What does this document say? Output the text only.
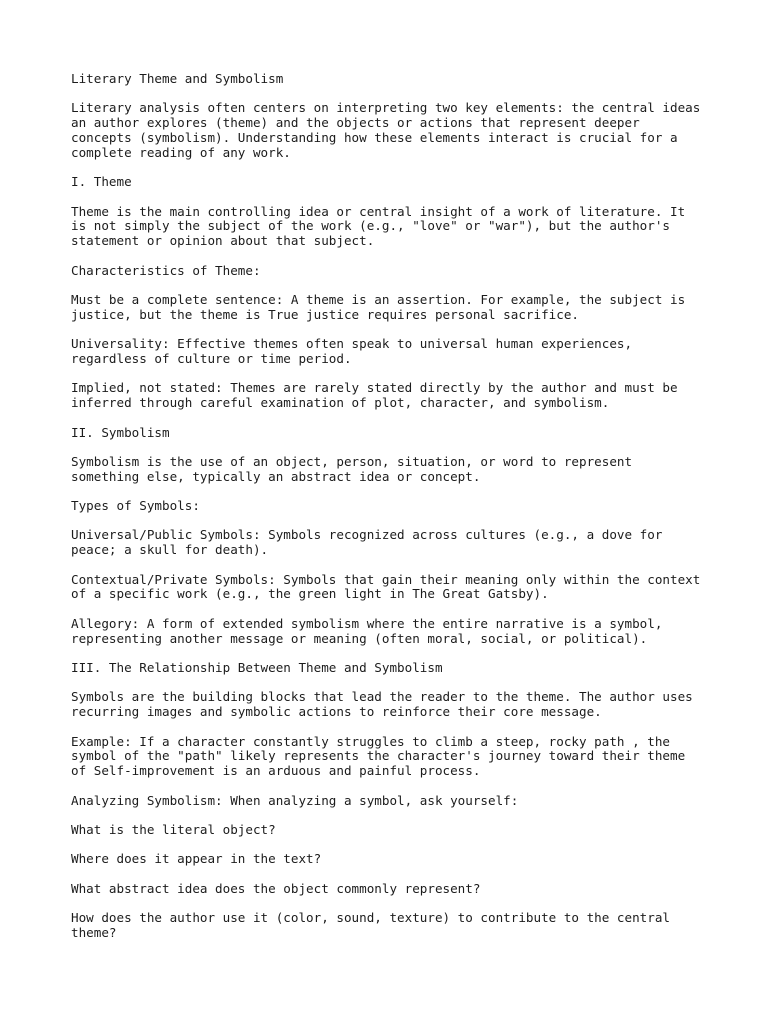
Literary Theme and Symbolism

Literary analysis often centers on interpreting two key elements: the central ideas
an author explores (theme) and the objects or actions that represent deeper
concepts (symbolism). Understanding how these elements interact is crucial for a
complete reading of any work.

I. Theme

Theme is the main controlling idea or central insight of a work of literature. It
is not simply the subject of the work (e.g., "love" or "war"), but the author's
statement or opinion about that subject.

Characteristics of Theme:

Must be a complete sentence: A theme is an assertion. For example, the subject is
justice, but the theme is True justice requires personal sacrifice.

Universality: Effective themes often speak to universal human experiences,
regardless of culture or time period.

Implied, not stated: Themes are rarely stated directly by the author and must be
inferred through careful examination of plot, character, and symbolism.

II. Symbolism

Symbolism is the use of an object, person, situation, or word to represent
something else, typically an abstract idea or concept.

Types of Symbols:

Universal/Public Symbols: Symbols recognized across cultures (e.g., a dove for
peace; a skull for death).

Contextual/Private Symbols: Symbols that gain their meaning only within the context
of a specific work (e.g., the green light in The Great Gatsby).

Allegory: A form of extended symbolism where the entire narrative is a symbol,
representing another message or meaning (often moral, social, or political).

III. The Relationship Between Theme and Symbolism

Symbols are the building blocks that lead the reader to the theme. The author uses
recurring images and symbolic actions to reinforce their core message.

Example: If a character constantly struggles to climb a steep, rocky path , the
symbol of the "path" likely represents the character's journey toward their theme
of Self-improvement is an arduous and painful process.

Analyzing Symbolism: When analyzing a symbol, ask yourself:

What is the literal object?

Where does it appear in the text?

What abstract idea does the object commonly represent?

How does the author use it (color, sound, texture) to contribute to the central
theme?
